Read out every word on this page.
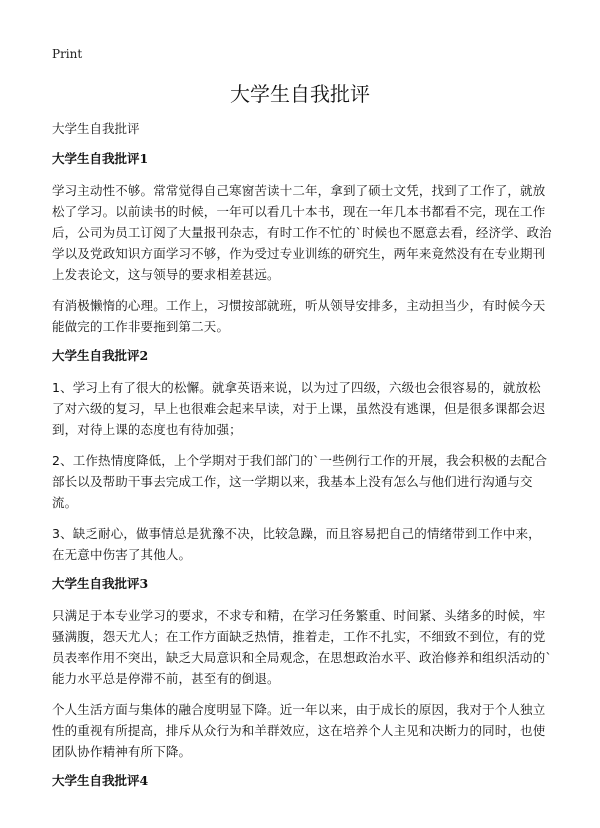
Print
大学生自我批评

大学生自我批评

大学生自我批评1

学习主动性不够。常常觉得自己寒窗苦读十二年，拿到了硕士文凭，找到了工作了，就放松了学习。以前读书的时候，一年可以看几十本书，现在一年几本书都看不完，现在工作后，公司为员工订阅了大量报刊杂志，有时工作不忙的`时候也不愿意去看，经济学、政治学以及党政知识方面学习不够，作为受过专业训练的研究生，两年来竟然没有在专业期刊上发表论文，这与领导的要求相差甚远。

有消极懒惰的心理。工作上，习惯按部就班，听从领导安排多，主动担当少，有时候今天能做完的工作非要拖到第二天。

大学生自我批评2

1、学习上有了很大的松懈。就拿英语来说，以为过了四级，六级也会很容易的，就放松了对六级的复习，早上也很难会起来早读，对于上课，虽然没有逃课，但是很多课都会迟到，对待上课的态度也有待加强；

2、工作热情度降低，上个学期对于我们部门的`一些例行工作的开展，我会积极的去配合部长以及帮助干事去完成工作，这一学期以来，我基本上没有怎么与他们进行沟通与交流。

3、缺乏耐心，做事情总是犹豫不决，比较急躁，而且容易把自己的情绪带到工作中来，在无意中伤害了其他人。

大学生自我批评3

只满足于本专业学习的要求，不求专和精，在学习任务繁重、时间紧、头绪多的时候，牢骚满腹，怨天尤人；在工作方面缺乏热情，推着走，工作不扎实，不细致不到位，有的党员表率作用不突出，缺乏大局意识和全局观念，在思想政治水平、政治修养和组织活动的`能力水平总是停滞不前，甚至有的倒退。

个人生活方面与集体的融合度明显下降。近一年以来，由于成长的原因，我对于个人独立性的重视有所提高，排斥从众行为和羊群效应，这在培养个人主见和决断力的同时，也使团队协作精神有所下降。

大学生自我批评4
